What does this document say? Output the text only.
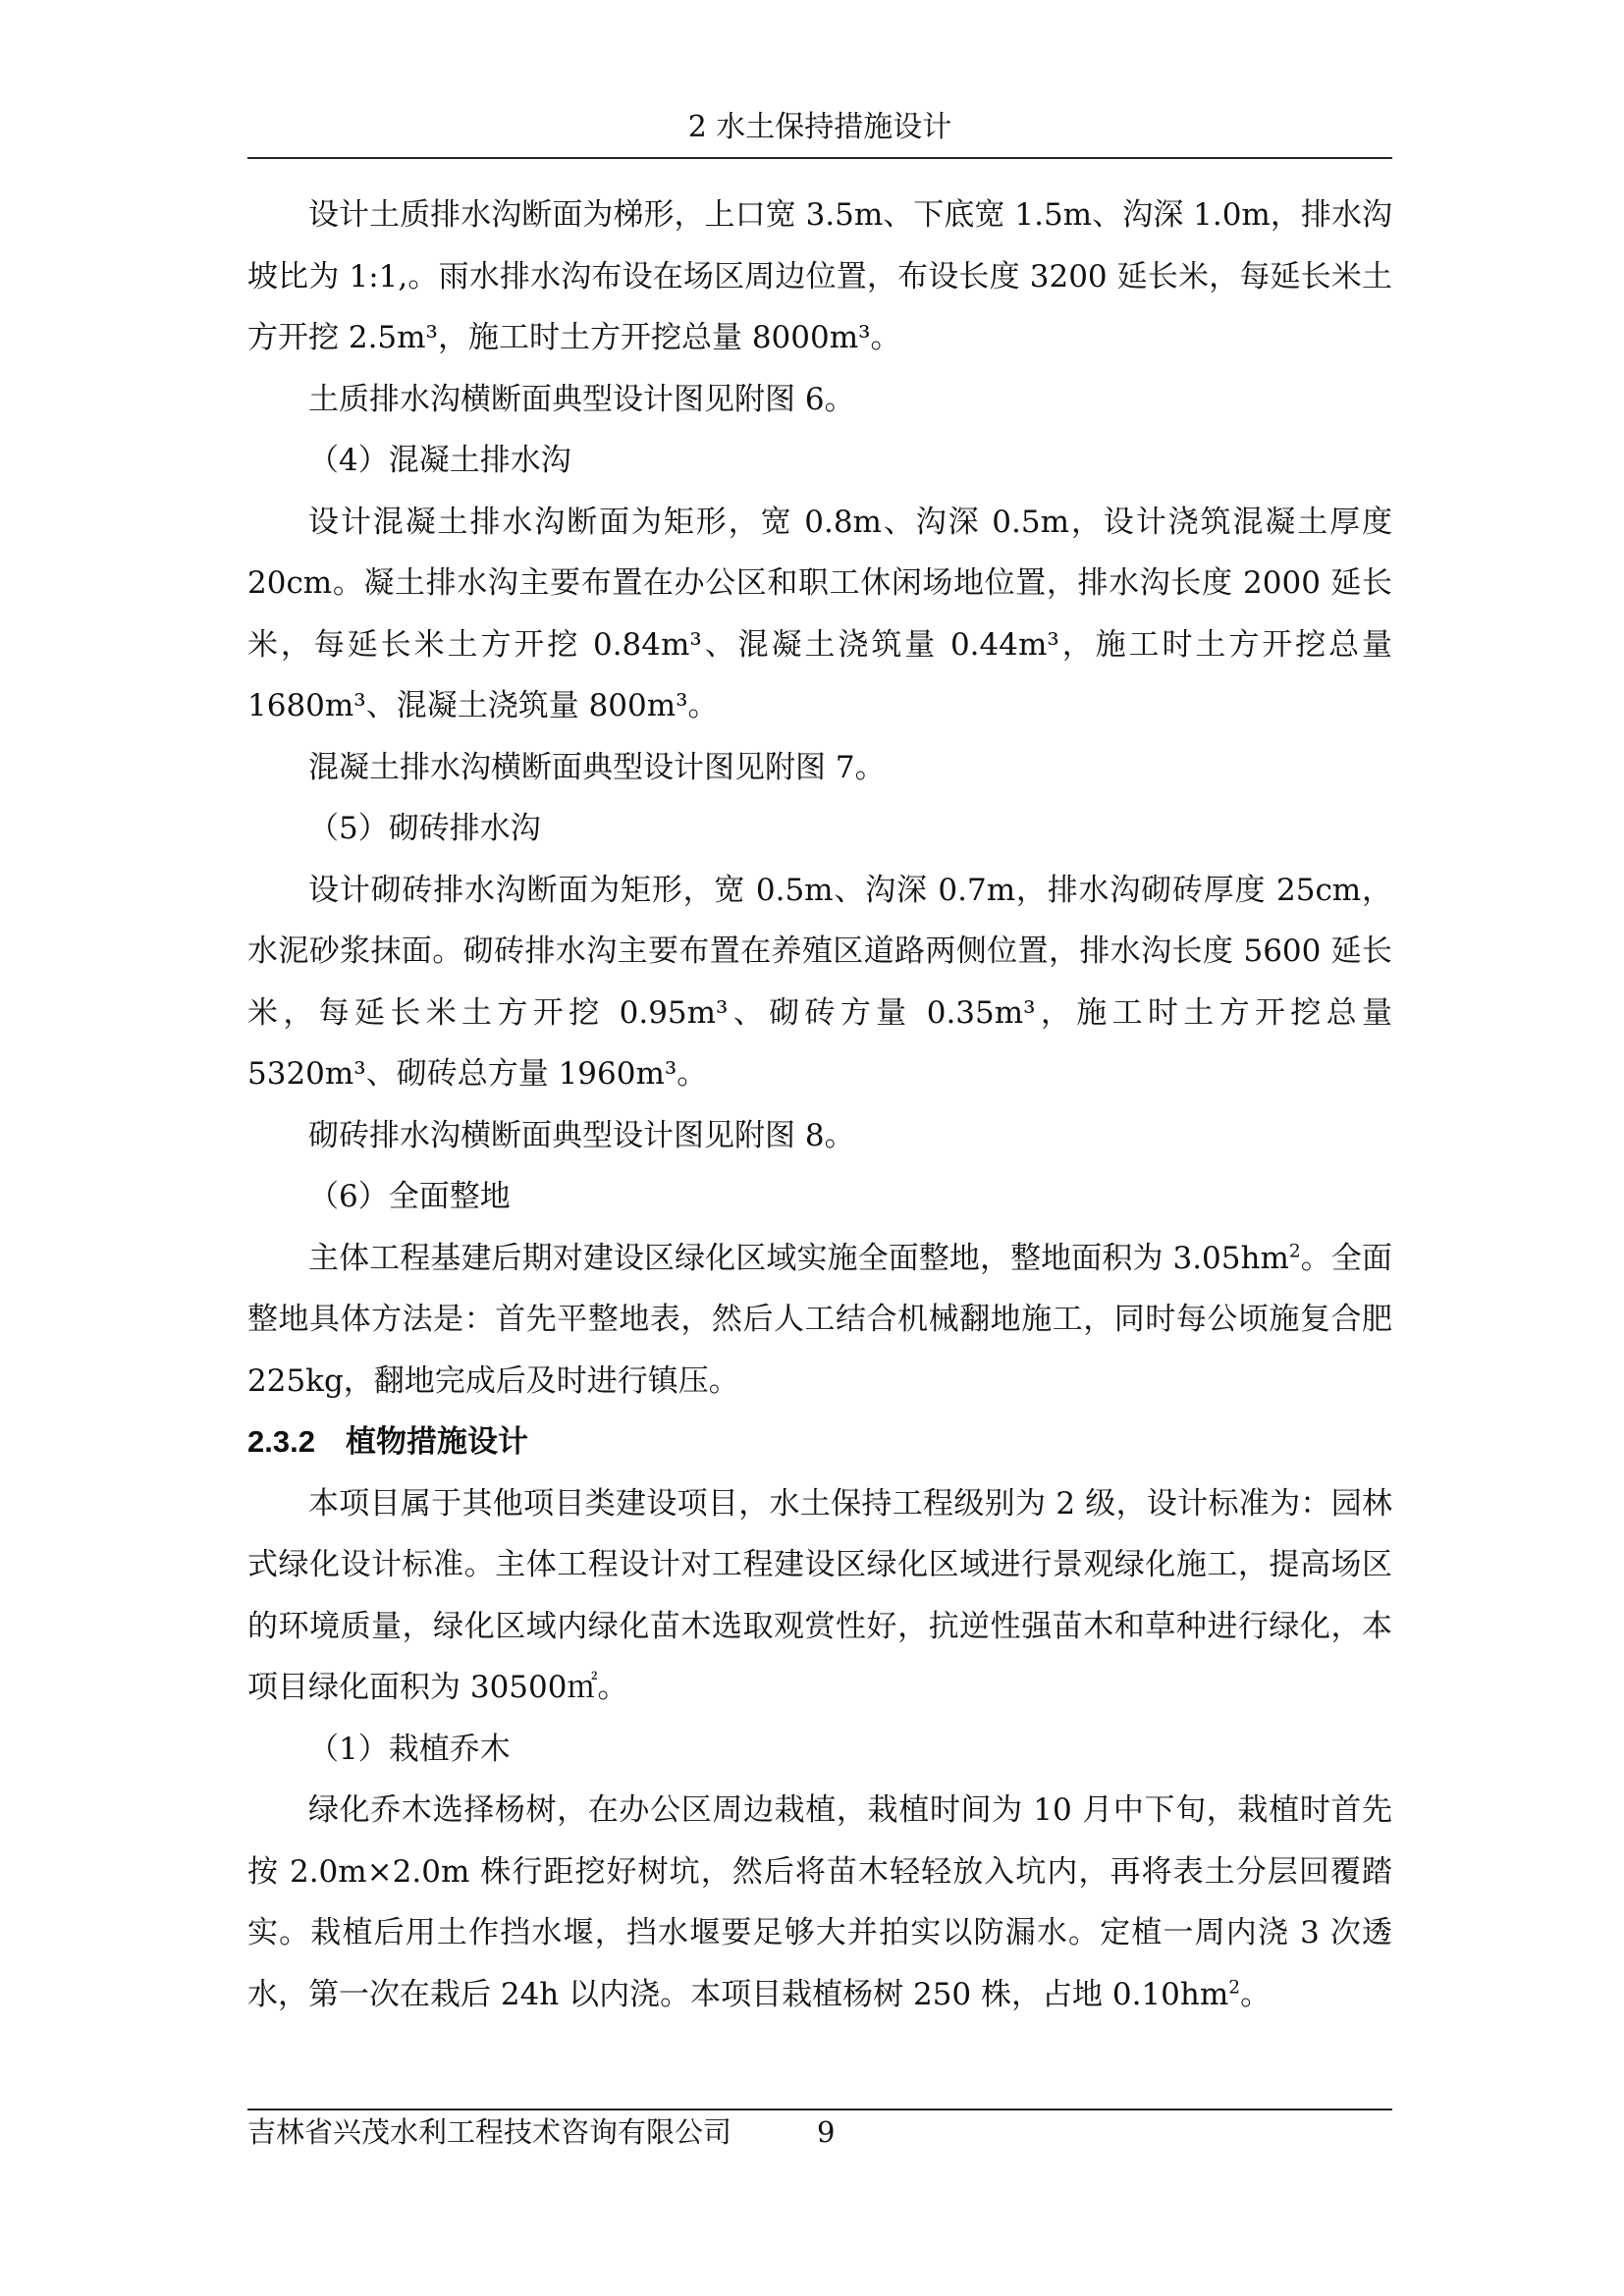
2 水土保持措施设计

设计土质排水沟断面为梯形，上口宽 3.5m、下底宽 1.5m、沟深 1.0m，排水沟坡比为 1:1,。雨水排水沟布设在场区周边位置，布设长度 3200 延长米，每延长米土方开挖 2.5m³，施工时土方开挖总量 8000m³。

土质排水沟横断面典型设计图见附图 6。

（4）混凝土排水沟

设计混凝土排水沟断面为矩形，宽 0.8m、沟深 0.5m，设计浇筑混凝土厚度 20cm。凝土排水沟主要布置在办公区和职工休闲场地位置，排水沟长度 2000 延长米，每延长米土方开挖 0.84m³、混凝土浇筑量 0.44m³，施工时土方开挖总量 1680m³、混凝土浇筑量 800m³。

混凝土排水沟横断面典型设计图见附图 7。

（5）砌砖排水沟

设计砌砖排水沟断面为矩形，宽 0.5m、沟深 0.7m，排水沟砌砖厚度 25cm，水泥砂浆抹面。砌砖排水沟主要布置在养殖区道路两侧位置，排水沟长度 5600 延长米，每延长米土方开挖 0.95m³、砌砖方量 0.35m³，施工时土方开挖总量 5320m³、砌砖总方量 1960m³。

砌砖排水沟横断面典型设计图见附图 8。

（6）全面整地

主体工程基建后期对建设区绿化区域实施全面整地，整地面积为 $3.05hm^2$。全面整地具体方法是：首先平整地表，然后人工结合机械翻地施工，同时每公顷施复合肥 225kg，翻地完成后及时进行镇压。

2.3.2 植物措施设计

本项目属于其他项目类建设项目，水土保持工程级别为 2 级，设计标准为：园林式绿化设计标准。主体工程设计对工程建设区绿化区域进行景观绿化施工，提高场区的环境质量，绿化区域内绿化苗木选取观赏性好，抗逆性强苗木和草种进行绿化，本项目绿化面积为 30500㎡。

（1）栽植乔木

绿化乔木选择杨树，在办公区周边栽植，栽植时间为 10 月中下旬，栽植时首先按 2.0m×2.0m 株行距挖好树坑，然后将苗木轻轻放入坑内，再将表土分层回覆踏实。栽植后用土作挡水堰，挡水堰要足够大并拍实以防漏水。定植一周内浇 3 次透水，第一次在栽后 24h 以内浇。本项目栽植杨树 250 株，占地 $0.10hm^2$。

吉林省兴茂水利工程技术咨询有限公司	9
